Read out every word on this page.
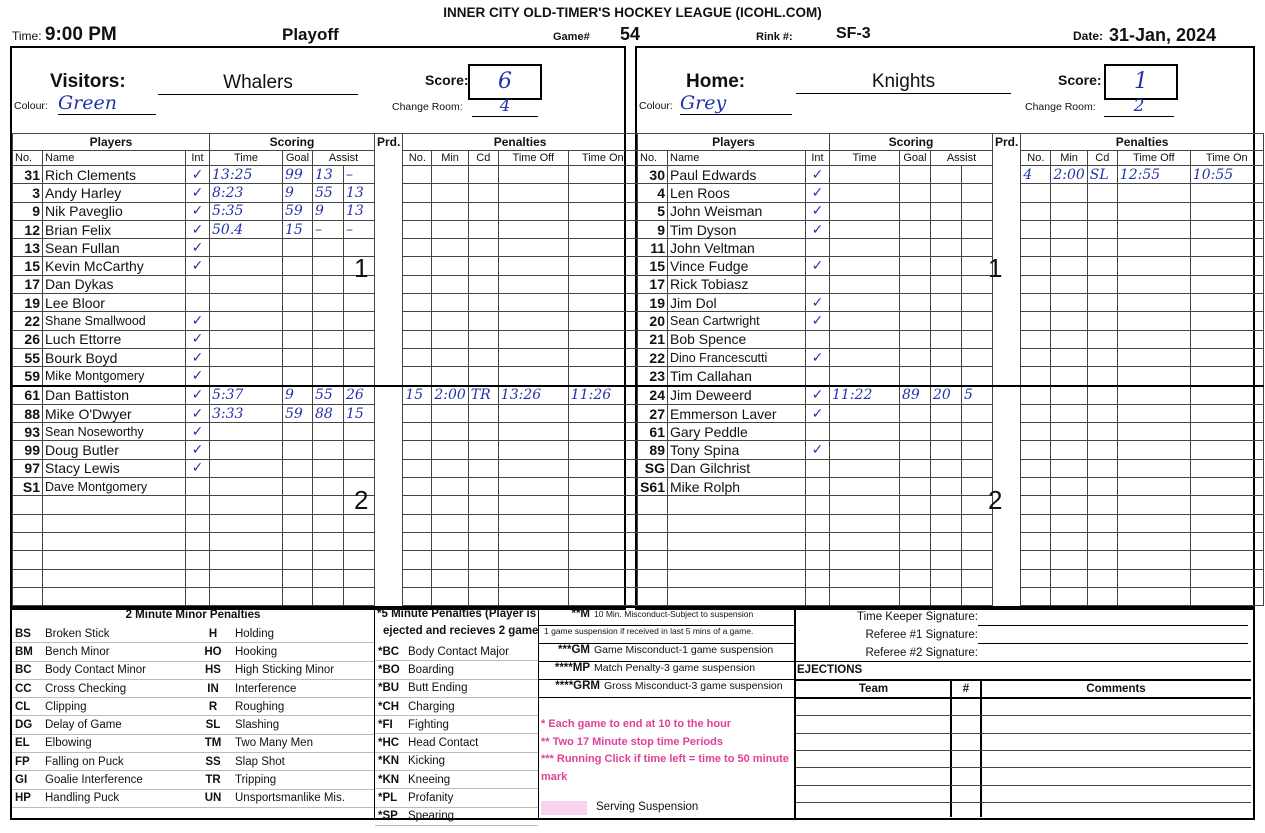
INNER CITY OLD-TIMER'S HOCKEY LEAGUE (ICOHL.COM)
Time: 9:00 PM	Playoff	Game# 54	Rink #:	SF-3	Date: 31-Jan, 2024
Visitors:
Colour: Green
Whalers	Score:	6
Change Room:	4
Home:
Colour: Grey
Knights	Score:	1
Change Room:	2
Players			Scoring				Prd.	Penalties				
No.	Name	Int	Time	Goal	Assist			No.	Min	Cd	Time Off	Time On
31	Rich Clements	✓	13:25	99	13	–						
3	Andy Harley	✓	8:23	9	55	13						
9	Nik Paveglio	✓	5:35	59	9	13						
12	Brian Felix	✓	50.4	15	–	–						
13	Sean Fullan	✓										
15	Kevin McCarthy	✓										
17	Dan Dykas											
19	Lee Bloor											
22	Shane Smallwood	✓										
26	Luch Ettorre	✓										
55	Bourk Boyd	✓										
59	Mike Montgomery	✓										
61	Dan Battiston	✓	5:37	9	55	26		15	2:00	TR	13:26	11:26
88	Mike O'Dwyer	✓	3:33	59	88	15						
93	Sean Noseworthy	✓										
99	Doug Butler	✓										
97	Stacy Lewis	✓										
S1	Dave Montgomery											

Players			Scoring				Prd.	Penalties				
No.	Name	Int	Time	Goal	Assist			No.	Min	Cd	Time Off	Time On
30	Paul Edwards	✓						4	2:00	SL	12:55	10:55
4	Len Roos	✓										
5	John Weisman	✓										
9	Tim Dyson	✓										
11	John Veltman											
15	Vince Fudge	✓										
17	Rick Tobiasz											
19	Jim Dol	✓										
20	Sean Cartwright	✓										
21	Bob Spence											
22	Dino Francescutti	✓										
23	Tim Callahan											
24	Jim Deweerd	✓	11:22	89	20	5						
27	Emmerson Laver	✓										
61	Gary Peddle											
89	Tony Spina	✓										
SG	Dan Gilchrist											
S61	Mike Rolph											

1
2
1
2
2 Minute Minor Penalties
BS	Broken Stick	H	Holding
BM	Bench Minor	HO	Hooking
BC	Body Contact Minor	HS	High Sticking Minor
CC	Cross Checking	IN	Interference
CL	Clipping	R	Roughing
DG	Delay of Game	SL	Slashing
EL	Elbowing	TM	Two Many Men
FP	Falling on Puck	SS	Slap Shot
GI	Goalie Interference	TR	Tripping
HP	Handling Puck	UN	Unsportsmanlike Mis.
*BC	Body Contact Major
*BO	Boarding
*BU	Butt Ending
*CH	Charging
*FI	Fighting
*HC	Head Contact
*KN	Kicking
*KN	Kneeing
*PL	Profanity
*SP	Spearing
*5 Minute Penalties (Player is
ejected and recieves 2 game
**M 10 Min. Misconduct-Subject to suspension
1 game suspension if received in last 5 mins of a game.
***GM Game Misconduct-1 game suspension
****MP Match Penalty-3 game suspension
****GRM Gross Misconduct-3 game suspension
* Each game to end at 10 to the hour
** Two 17 Minute stop time Periods
*** Running Click if time left = time to 50 minute mark
Serving Suspension
Time Keeper Signature:
Referee #1 Signature:
Referee #2 Signature:
EJECTIONS
Team	#	Comments
